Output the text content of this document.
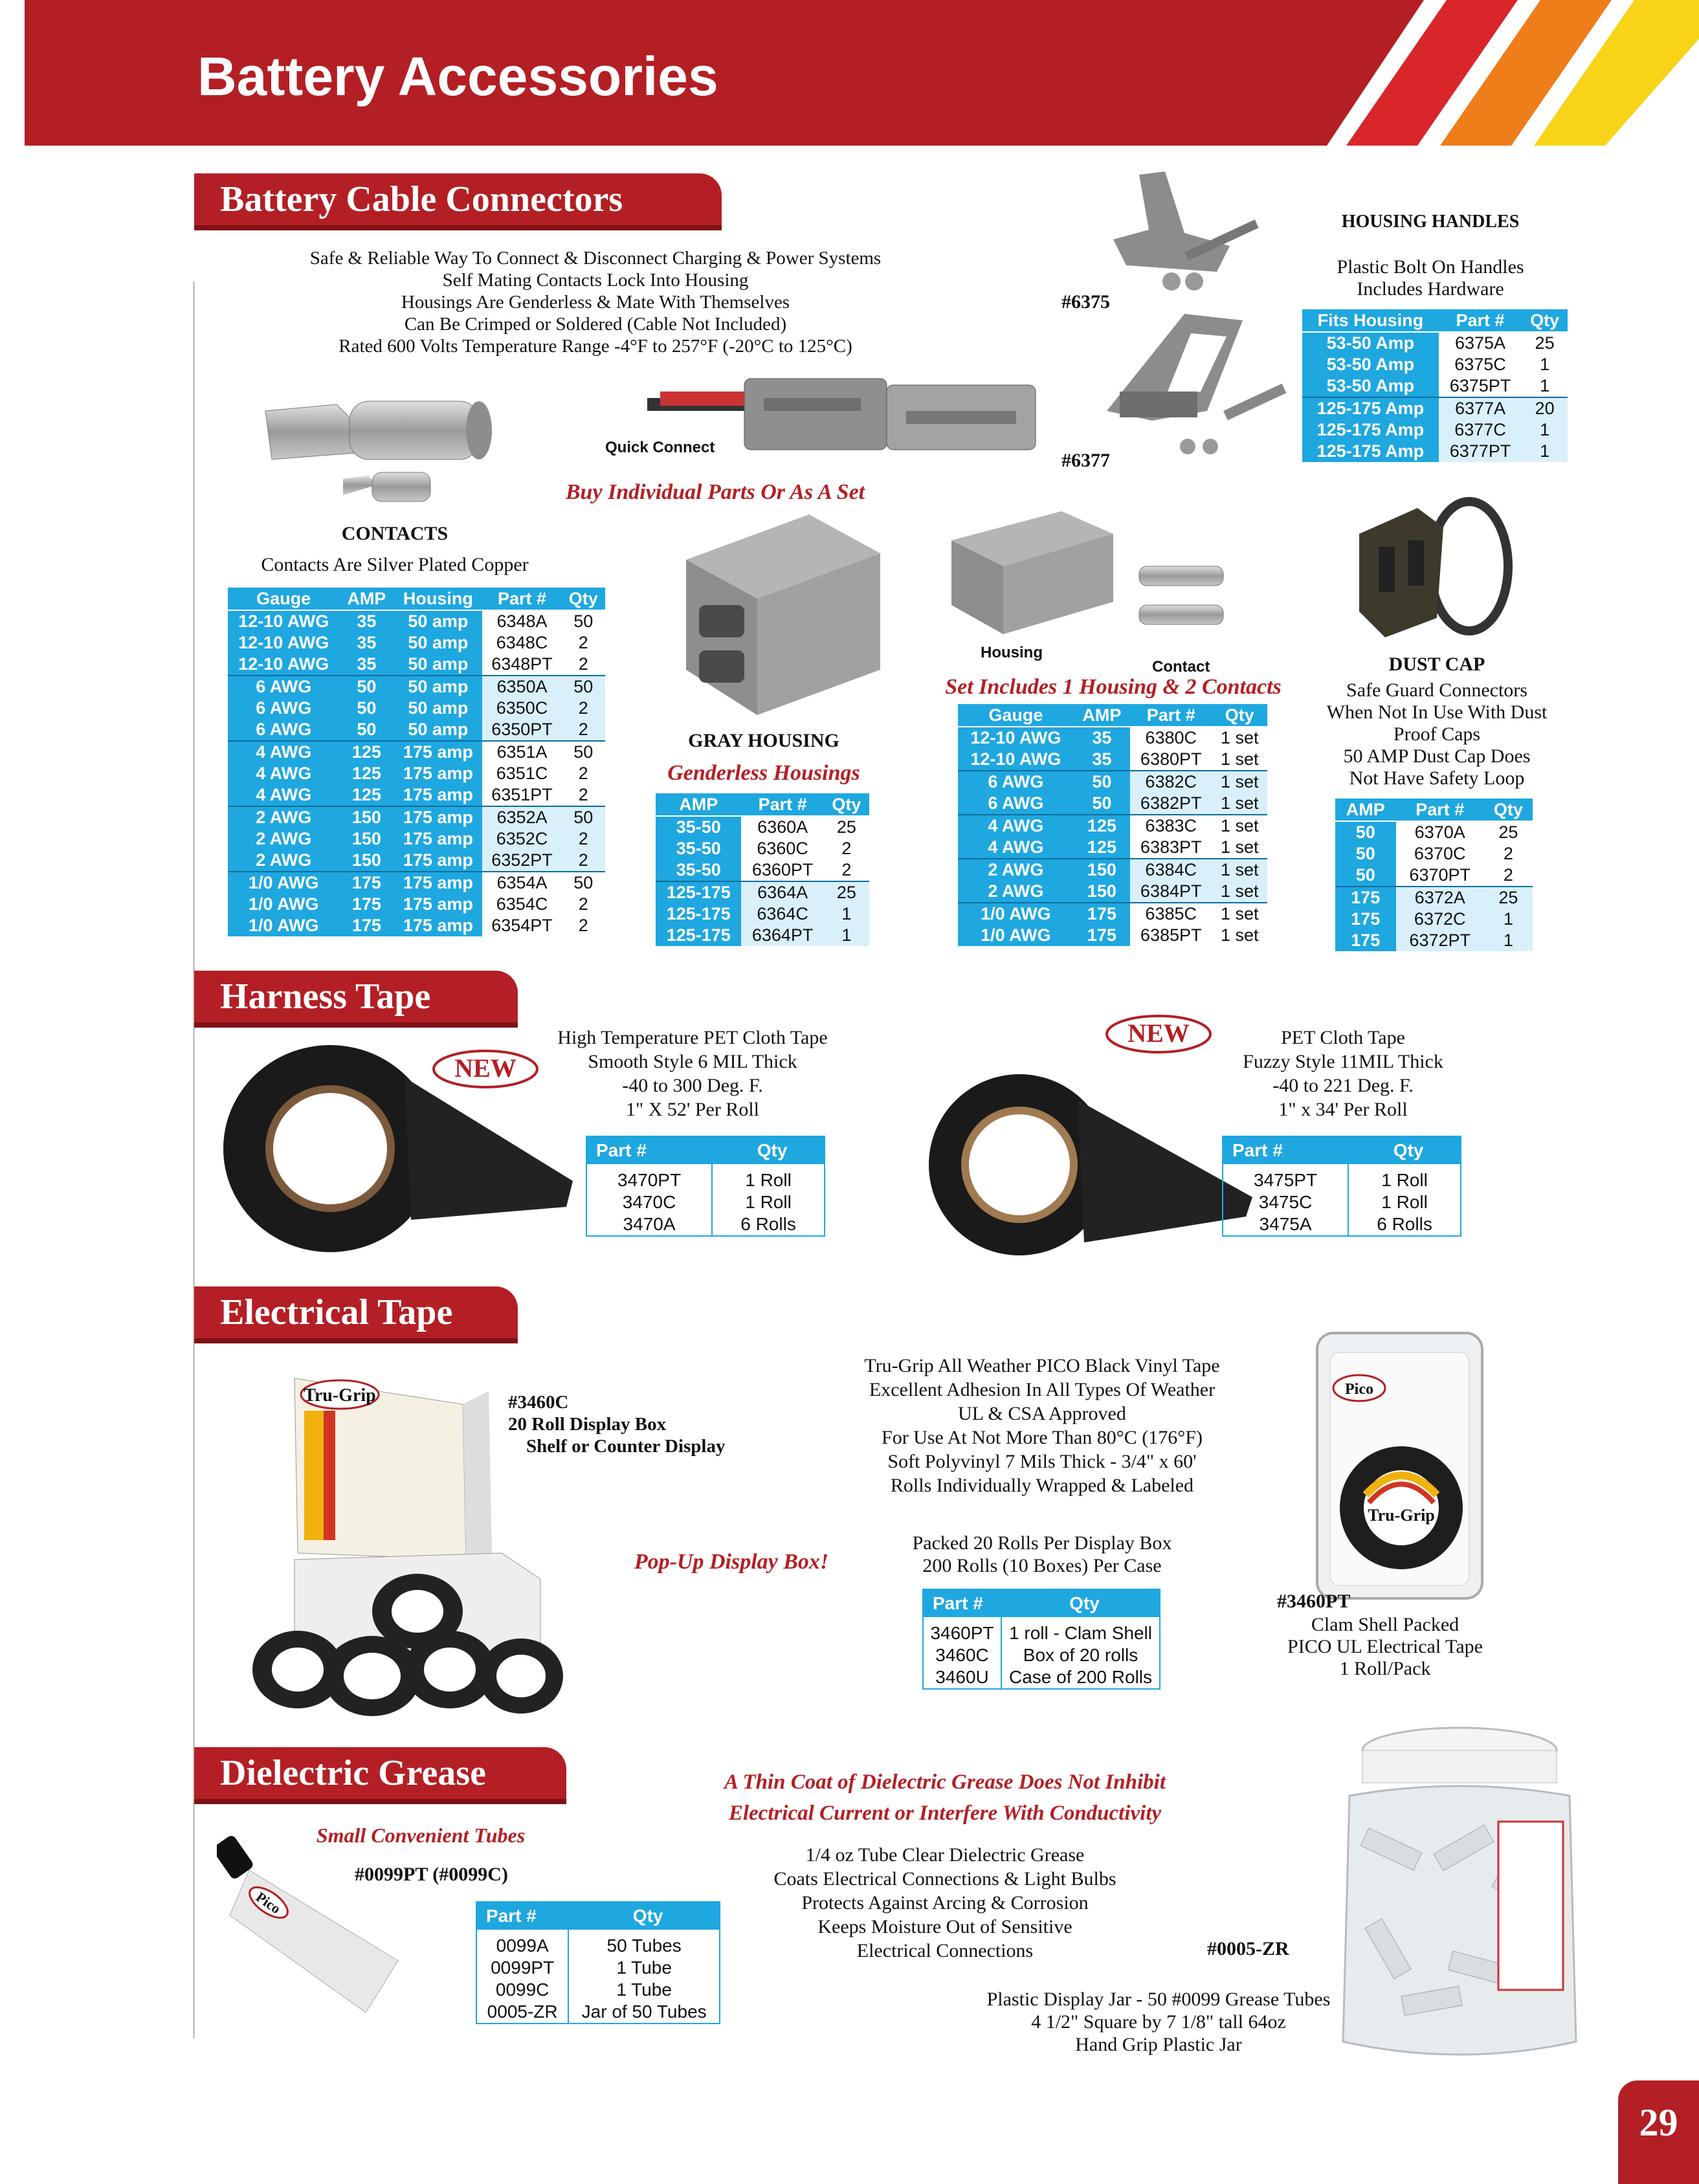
Battery Accessories
Battery Cable Connectors
Safe & Reliable Way To Connect & Disconnect Charging & Power Systems
Self Mating Contacts Lock Into Housing
Housings Are Genderless & Mate With Themselves
Can Be Crimped or Soldered (Cable Not Included)
Rated 600 Volts Temperature Range -4°F to 257°F (-20°C to 125°C)
Quick Connect
Buy Individual Parts Or As A Set
CONTACTS
Contacts Are Silver Plated Copper
Gauge	AMP	Housing	Part #	Qty
12-10 AWG	35	50 amp	6348A	50
12-10 AWG	35	50 amp	6348C	2
12-10 AWG	35	50 amp	6348PT	2
6 AWG	50	50 amp	6350A	50
6 AWG	50	50 amp	6350C	2
6 AWG	50	50 amp	6350PT	2
4 AWG	125	175 amp	6351A	50
4 AWG	125	175 amp	6351C	2
4 AWG	125	175 amp	6351PT	2
2 AWG	150	175 amp	6352A	50
2 AWG	150	175 amp	6352C	2
2 AWG	150	175 amp	6352PT	2
1/0 AWG	175	175 amp	6354A	50
1/0 AWG	175	175 amp	6354C	2
1/0 AWG	175	175 amp	6354PT	2
GRAY HOUSING
Genderless Housings
AMP	Part #	Qty
35-50	6360A	25
35-50	6360C	2
35-50	6360PT	2
125-175	6364A	25
125-175	6364C	1
125-175	6364PT	1
Housing
Contact
Set Includes 1 Housing & 2 Contacts
Gauge	AMP	Part #	Qty
12-10 AWG	35	6380C	1 set
12-10 AWG	35	6380PT	1 set
6 AWG	50	6382C	1 set
6 AWG	50	6382PT	1 set
4 AWG	125	6383C	1 set
4 AWG	125	6383PT	1 set
2 AWG	150	6384C	1 set
2 AWG	150	6384PT	1 set
1/0 AWG	175	6385C	1 set
1/0 AWG	175	6385PT	1 set
#6375
#6377
HOUSING HANDLES
Plastic Bolt On Handles
Includes Hardware
Fits Housing	Part #	Qty
53-50 Amp	6375A	25
53-50 Amp	6375C	1
53-50 Amp	6375PT	1
125-175 Amp	6377A	20
125-175 Amp	6377C	1
125-175 Amp	6377PT	1
DUST CAP
Safe Guard Connectors
When Not In Use With Dust
Proof Caps
50 AMP Dust Cap Does
Not Have Safety Loop
AMP	Part #	Qty
50	6370A	25
50	6370C	2
50	6370PT	2
175	6372A	25
175	6372C	1
175	6372PT	1
Harness Tape
NEW
High Temperature PET Cloth Tape
Smooth Style 6 MIL Thick
-40 to 300 Deg. F.
1" X 52' Per Roll
Part #	Qty
3470PT	1 Roll
3470C	1 Roll
3470A	6 Rolls
NEW	PET Cloth Tape
Fuzzy Style 11MIL Thick
-40 to 221 Deg. F.
1" x 34' Per Roll
Part #	Qty
3475PT	1 Roll
3475C	1 Roll
3475A	6 Rolls
Electrical Tape
Tru-Grip	#3460C
20 Roll Display Box
Shelf or Counter Display
Pop-Up Display Box!
Tru-Grip All Weather PICO Black Vinyl Tape
Excellent Adhesion In All Types Of Weather
UL & CSA Approved
For Use At Not More Than 80°C (176°F)
Soft Polyvinyl 7 Mils Thick - 3/4" x 60'
Rolls Individually Wrapped & Labeled
Packed 20 Rolls Per Display Box
200 Rolls (10 Boxes) Per Case
Part #	Qty
3460PT	1 roll - Clam Shell
3460C	Box of 20 rolls
3460U	Case of 200 Rolls
Pico
Tru-Grip
#3460PT
Clam Shell Packed
PICO UL Electrical Tape
1 Roll/Pack
Dielectric Grease
Small Convenient Tubes
Pico
#0099PT (#0099C)
A Thin Coat of Dielectric Grease Does Not Inhibit
Electrical Current or Interfere With Conductivity
1/4 oz Tube Clear Dielectric Grease
Coats Electrical Connections & Light Bulbs
Protects Against Arcing & Corrosion
Keeps Moisture Out of Sensitive
Electrical Connections
Part #	Qty
0099A	50 Tubes
0099PT	1 Tube
0099C	1 Tube
0005-ZR	Jar of 50 Tubes
#0005-ZR
Plastic Display Jar - 50 #0099 Grease Tubes
4 1/2" Square by 7 1/8" tall 64oz
Hand Grip Plastic Jar
29
